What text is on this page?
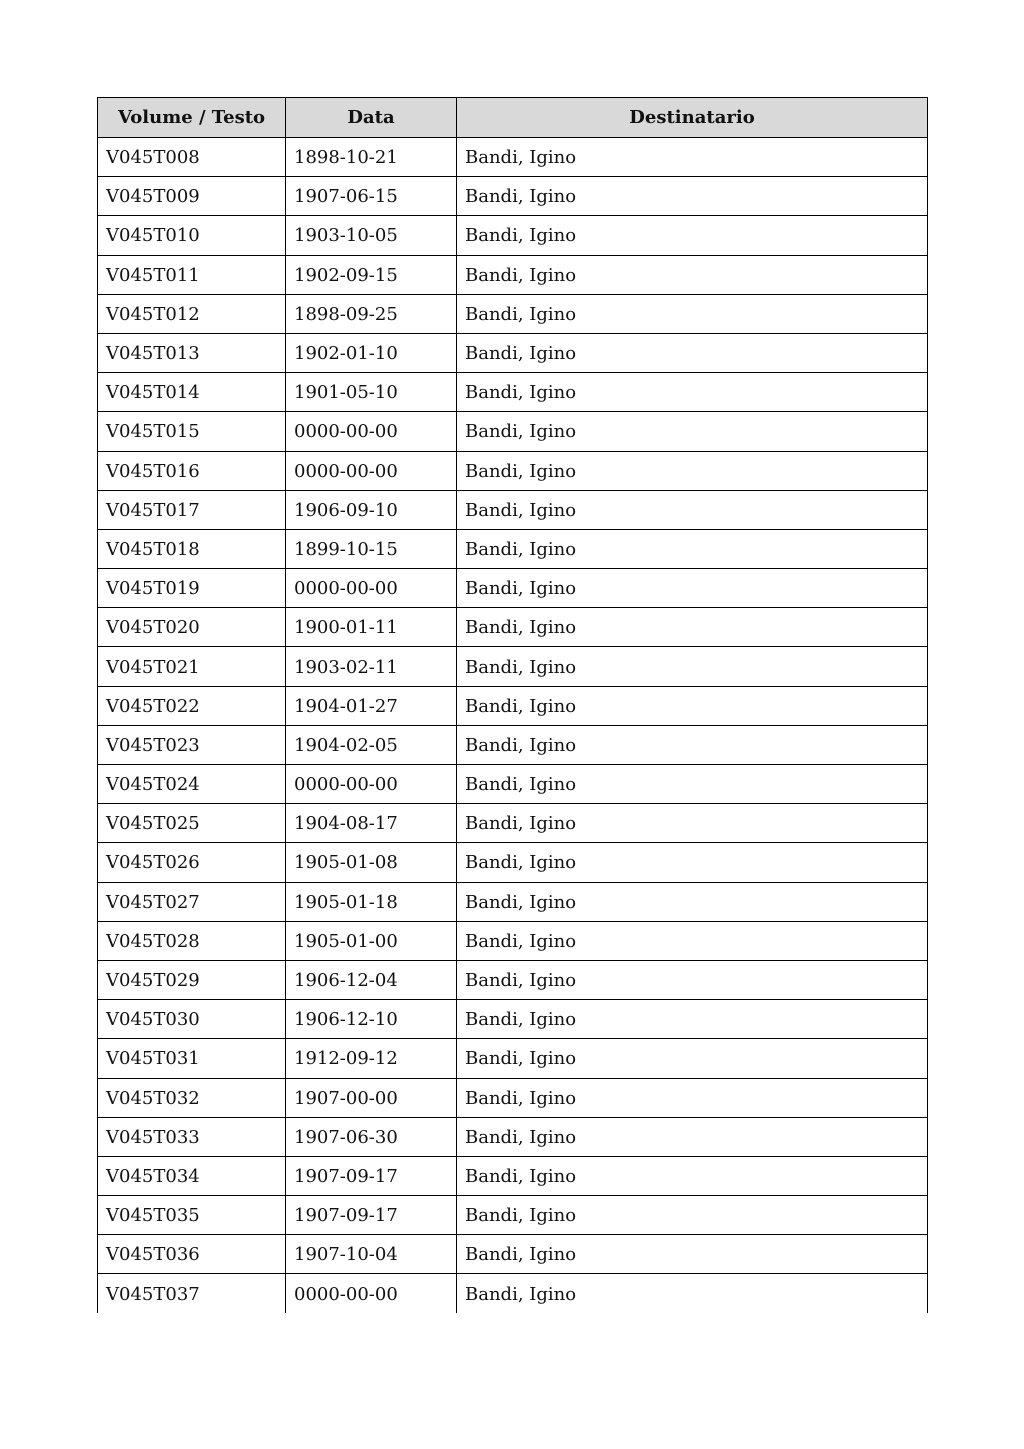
Volume / Testo	Data	Destinatario
V045T008	1898-10-21	Bandi, Igino
V045T009	1907-06-15	Bandi, Igino
V045T010	1903-10-05	Bandi, Igino
V045T011	1902-09-15	Bandi, Igino
V045T012	1898-09-25	Bandi, Igino
V045T013	1902-01-10	Bandi, Igino
V045T014	1901-05-10	Bandi, Igino
V045T015	0000-00-00	Bandi, Igino
V045T016	0000-00-00	Bandi, Igino
V045T017	1906-09-10	Bandi, Igino
V045T018	1899-10-15	Bandi, Igino
V045T019	0000-00-00	Bandi, Igino
V045T020	1900-01-11	Bandi, Igino
V045T021	1903-02-11	Bandi, Igino
V045T022	1904-01-27	Bandi, Igino
V045T023	1904-02-05	Bandi, Igino
V045T024	0000-00-00	Bandi, Igino
V045T025	1904-08-17	Bandi, Igino
V045T026	1905-01-08	Bandi, Igino
V045T027	1905-01-18	Bandi, Igino
V045T028	1905-01-00	Bandi, Igino
V045T029	1906-12-04	Bandi, Igino
V045T030	1906-12-10	Bandi, Igino
V045T031	1912-09-12	Bandi, Igino
V045T032	1907-00-00	Bandi, Igino
V045T033	1907-06-30	Bandi, Igino
V045T034	1907-09-17	Bandi, Igino
V045T035	1907-09-17	Bandi, Igino
V045T036	1907-10-04	Bandi, Igino
V045T037	0000-00-00	Bandi, Igino
